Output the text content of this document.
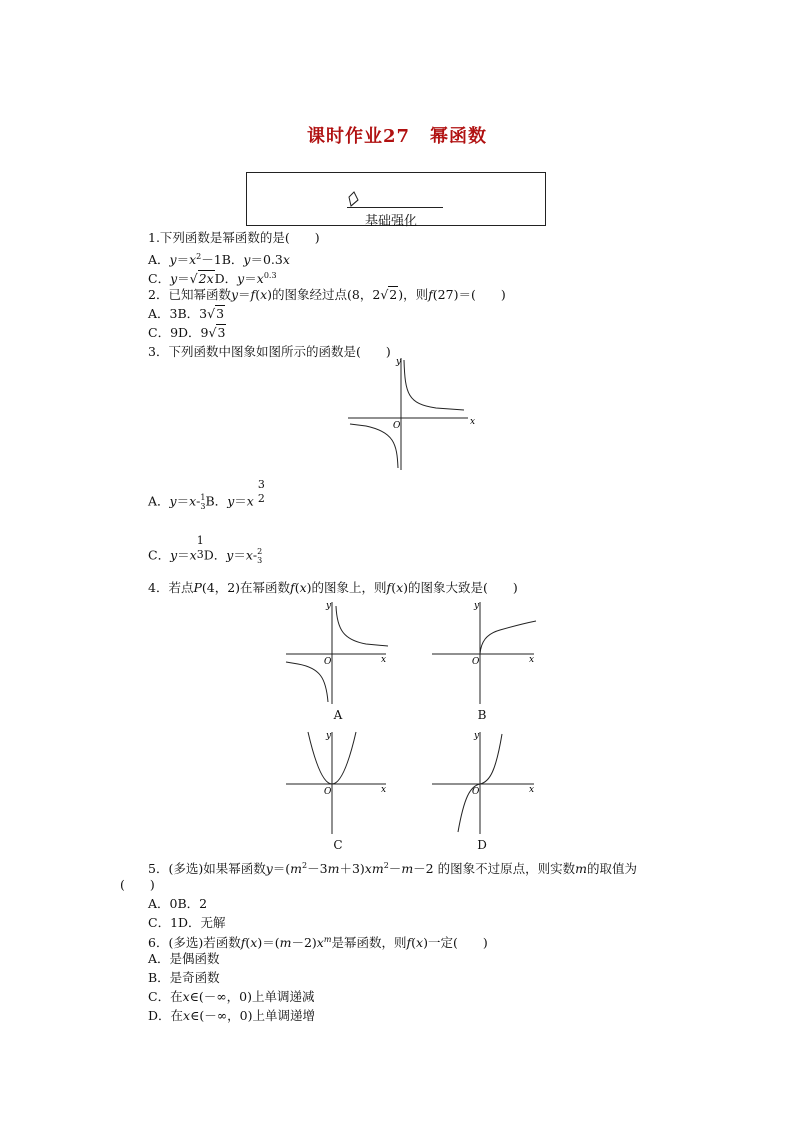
课时作业27 幂函数
基础强化
1.下列函数是幂函数的是(　　)
A．$y=x^2-1B$．y＝0.3x
C．y＝√2xD．$y=x^{0.3}$
2．已知幂函数y＝f(x)的图象经过点(8，2√2)，则f(27)＝(　　)
A．3B．3√3
C．9D．9√3
3．下列函数中图象如图所示的函数是(　　)
x
y
O
A．y＝x- 1
3 B．y＝x
3
2
C．y＝x
1
3 D．y＝x- 2
3
4．若点P(4，2)在幂函数f(x)的图象上，则f(x)的图象大致是(　　)
x
y
O
A
x
y
O
B
x
y
O
C
x
y
O
D
5．(多选)如果幂函数$y=(m^2-3m+3)xm^2-m-2$ 的图象不过原点，则实数m的取值为
(　　)
A．0B．2
C．1D．无解
6．(多选)若函数$f(x)=(m-2)x^m$是幂函数，则f(x)一定(　　)
A．是偶函数
B．是奇函数
C．在x∈(－∞，0)上单调递减
D．在x∈(－∞，0)上单调递增
